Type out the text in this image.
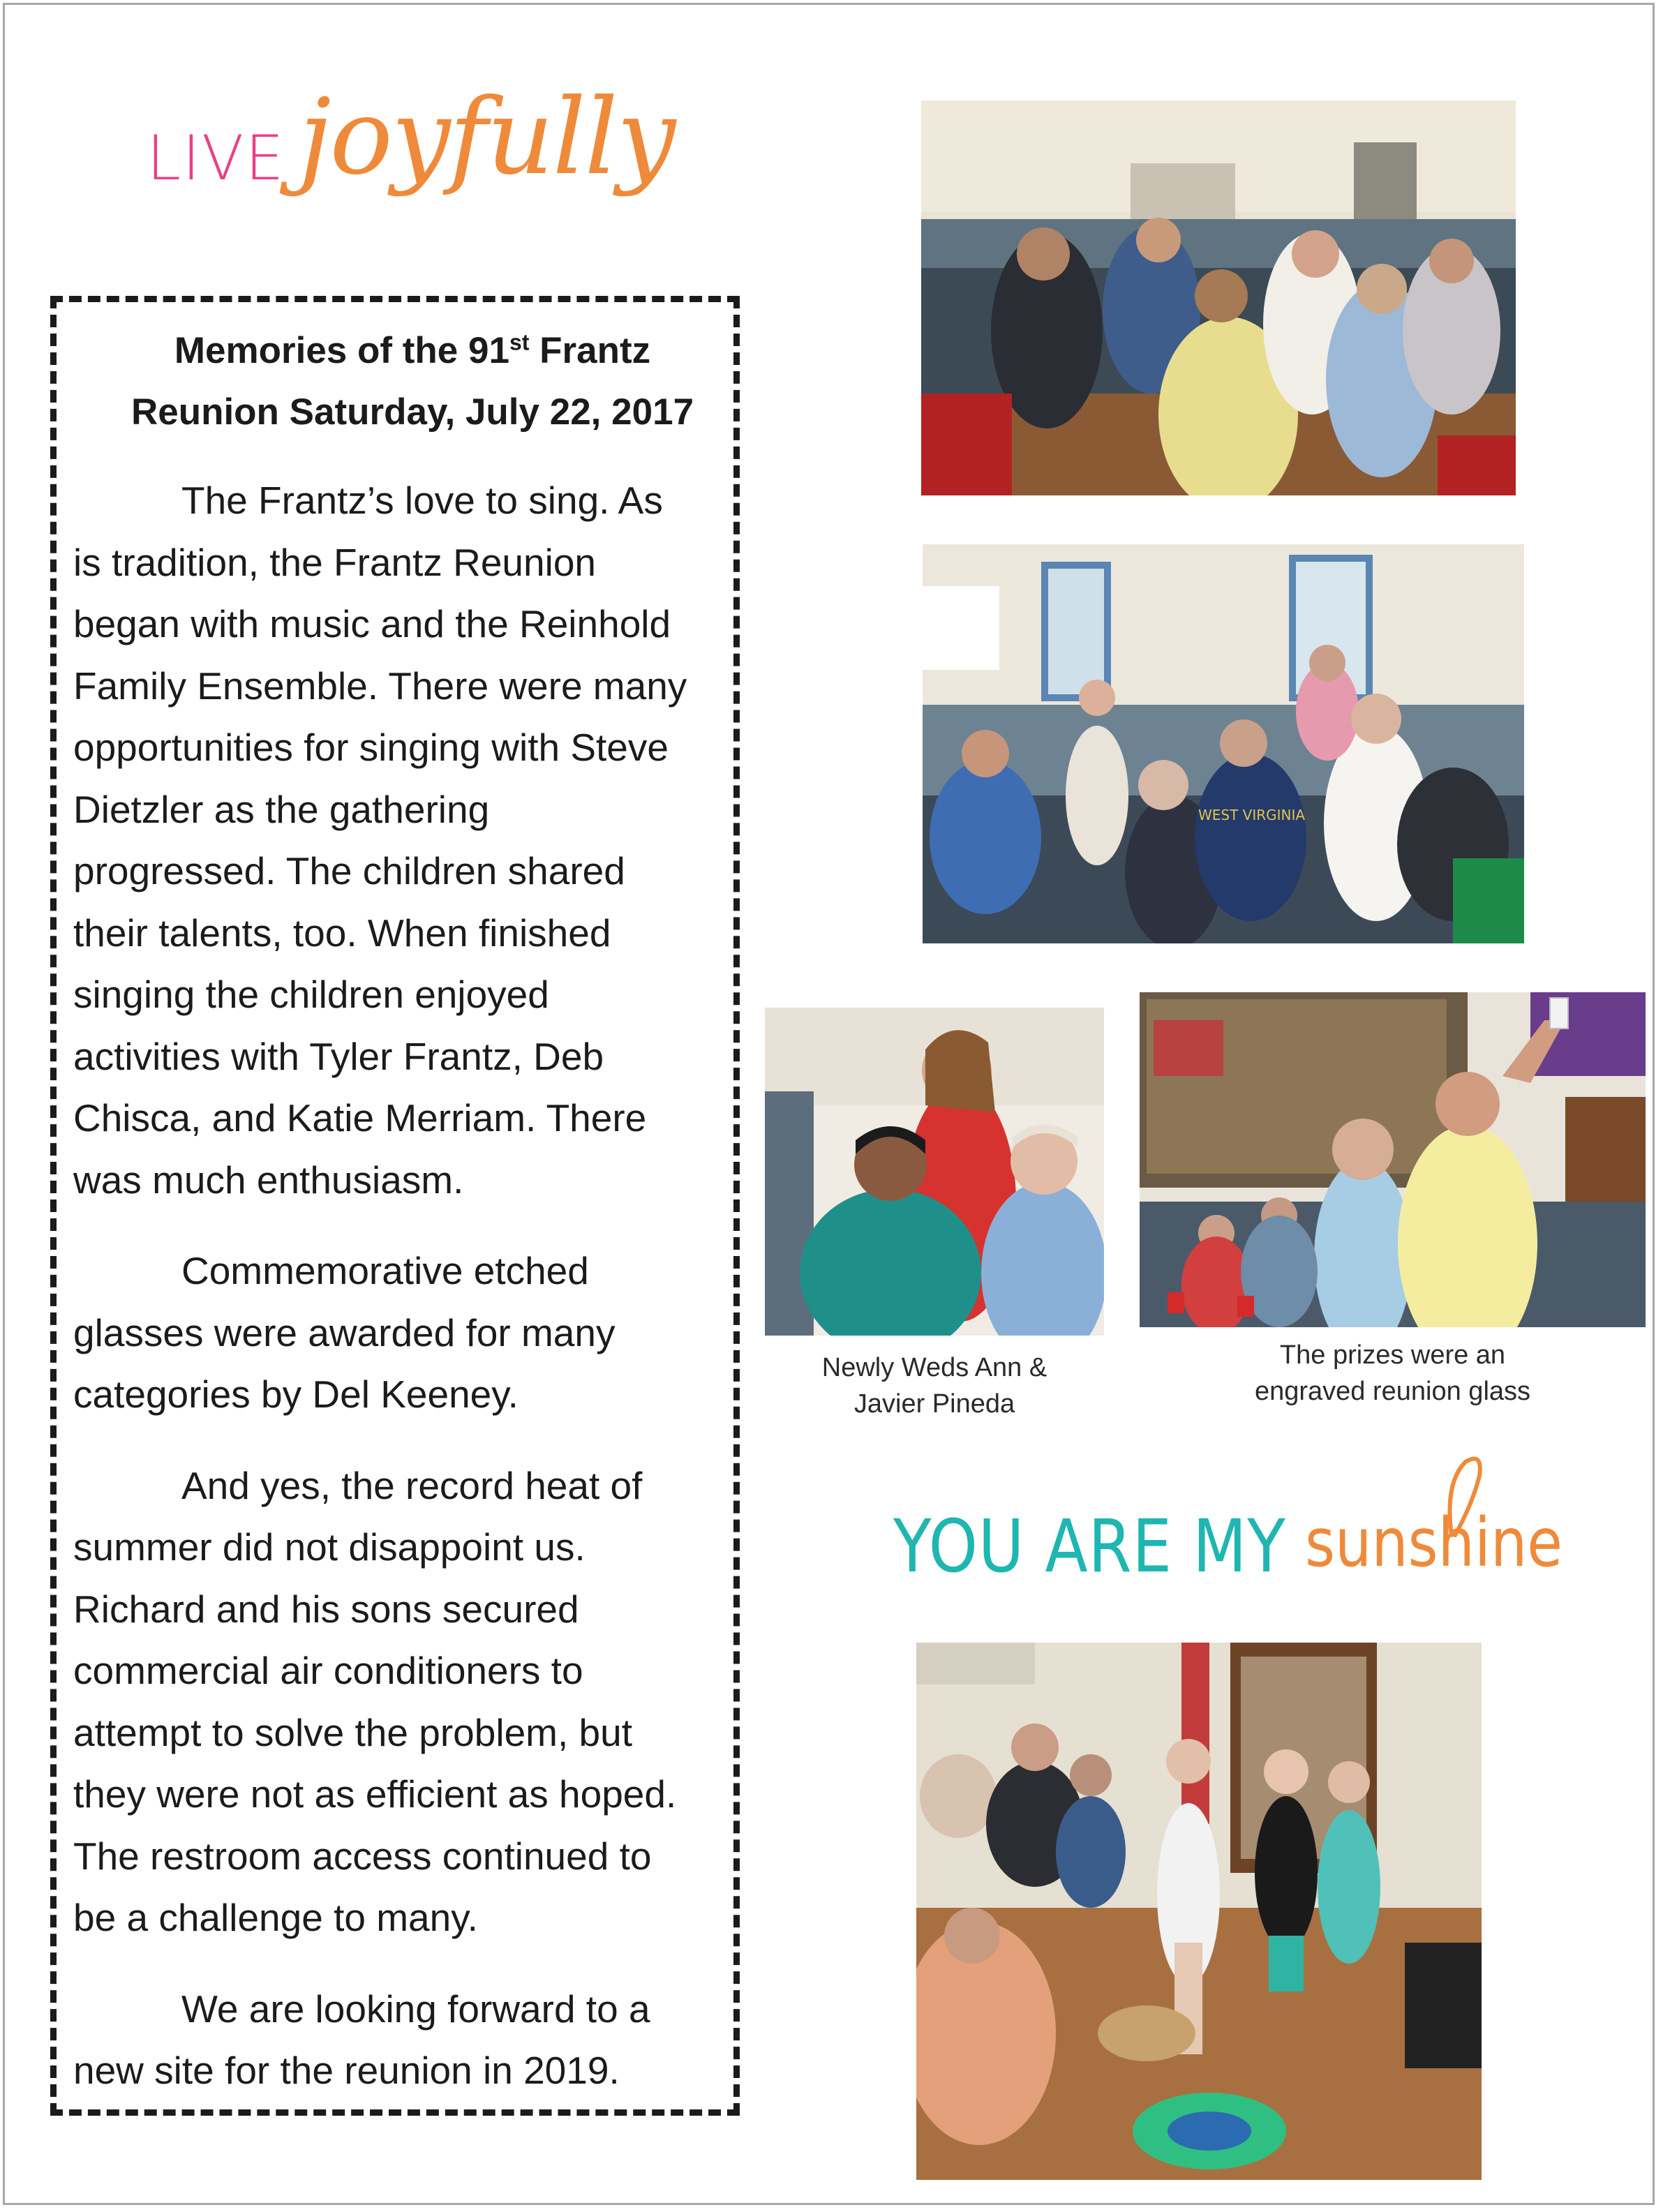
LIVE joyfully
Memories of the 91st Frantz
Reunion Saturday, July 22, 2017

The Frantz’s love to sing. As
is tradition, the Frantz Reunion
began with music and the Reinhold
Family Ensemble. There were many
opportunities for singing with Steve
Dietzler as the gathering
progressed. The children shared
their talents, too. When finished
singing the children enjoyed
activities with Tyler Frantz, Deb
Chisca, and Katie Merriam. There
was much enthusiasm.

Commemorative etched
glasses were awarded for many
categories by Del Keeney.

And yes, the record heat of
summer did not disappoint us.
Richard and his sons secured
commercial air conditioners to
attempt to solve the problem, but
they were not as efficient as hoped.
The restroom access continued to
be a challenge to many.

We are looking forward to a
new site for the reunion in 2019.

WEST VIRGINIA
Newly Weds Ann &
Javier Pineda
The prizes were an
engraved reunion glass
YOU ARE MY sunshine
